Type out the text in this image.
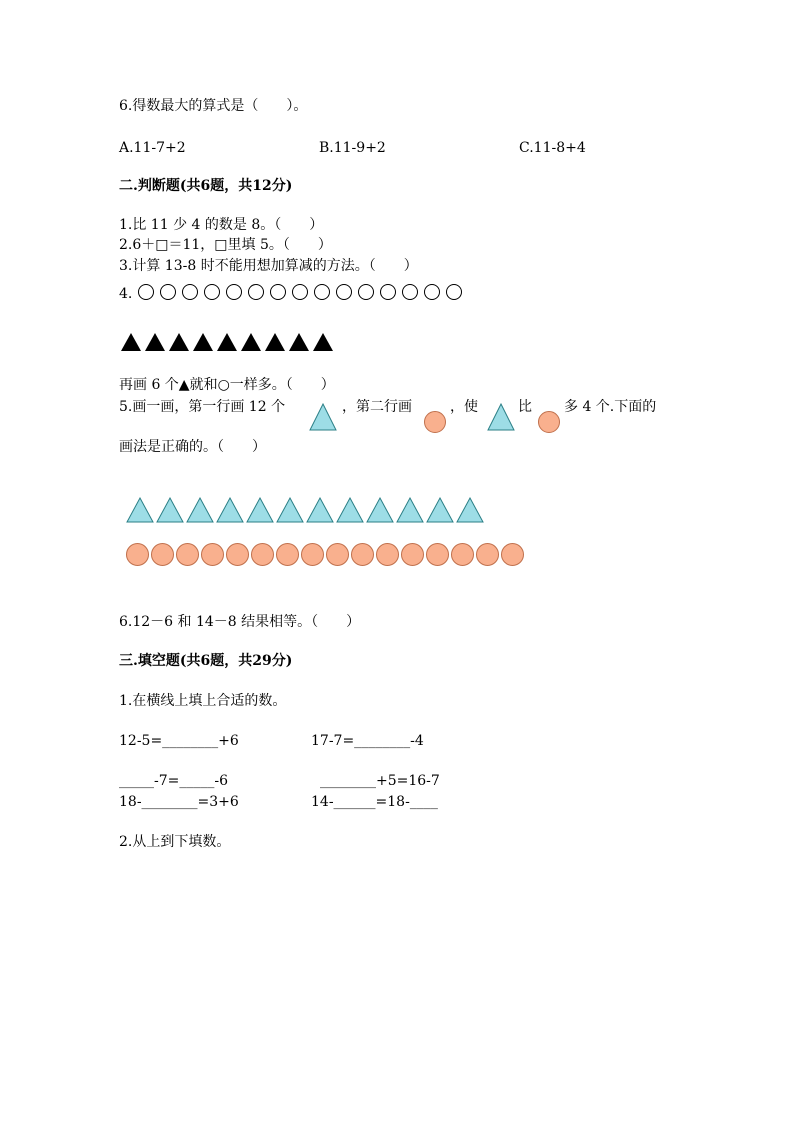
6.得数最大的算式是（　　）。
A.11-7+2	B.11-9+2	C.11-8+4
二.判断题(共6题，共12分)
1.比 11 少 4 的数是 8。（　　）
2.6＋□＝11，□里填 5。（　　）
3.计算 13-8 时不能用想加算减的方法。（　　）
4.
再画 6 个▲就和○一样多。（　　）
5.画一画，第一行画 12 个	，第二行画	，使	比 多 4 个.下面的
画法是正确的。（　　）
6.12－6 和 14－8 结果相等。（　　）
三.填空题(共6题，共29分)
1.在横线上填上合适的数。
12-5=________+6	17-7=________-4
_____-7=_____-6	________+5=16-7
18-________=3+6	14-______=18-____
2.从上到下填数。
